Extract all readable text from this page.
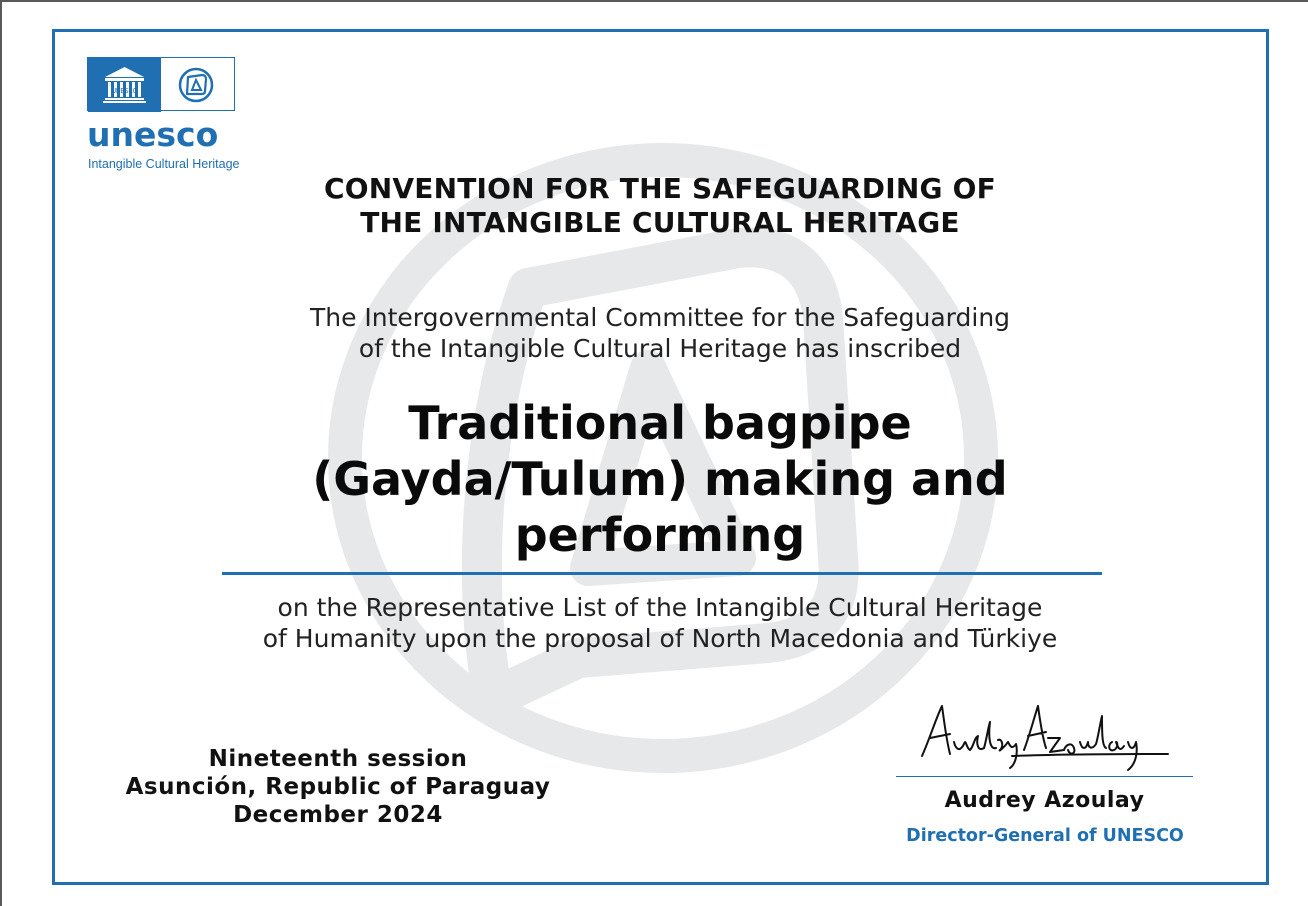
UNESCO
unesco
Intangible Cultural Heritage
CONVENTION FOR THE SAFEGUARDING OF
THE INTANGIBLE CULTURAL HERITAGE
The Intergovernmental Committee for the Safeguarding
of the Intangible Cultural Heritage has inscribed
Traditional bagpipe
(Gayda/Tulum) making and
performing
on the Representative List of the Intangible Cultural Heritage
of Humanity upon the proposal of North Macedonia and Türkiye
Nineteenth session
Asunción, Republic of Paraguay
December 2024
Audrey Azoulay
Director-General of UNESCO
